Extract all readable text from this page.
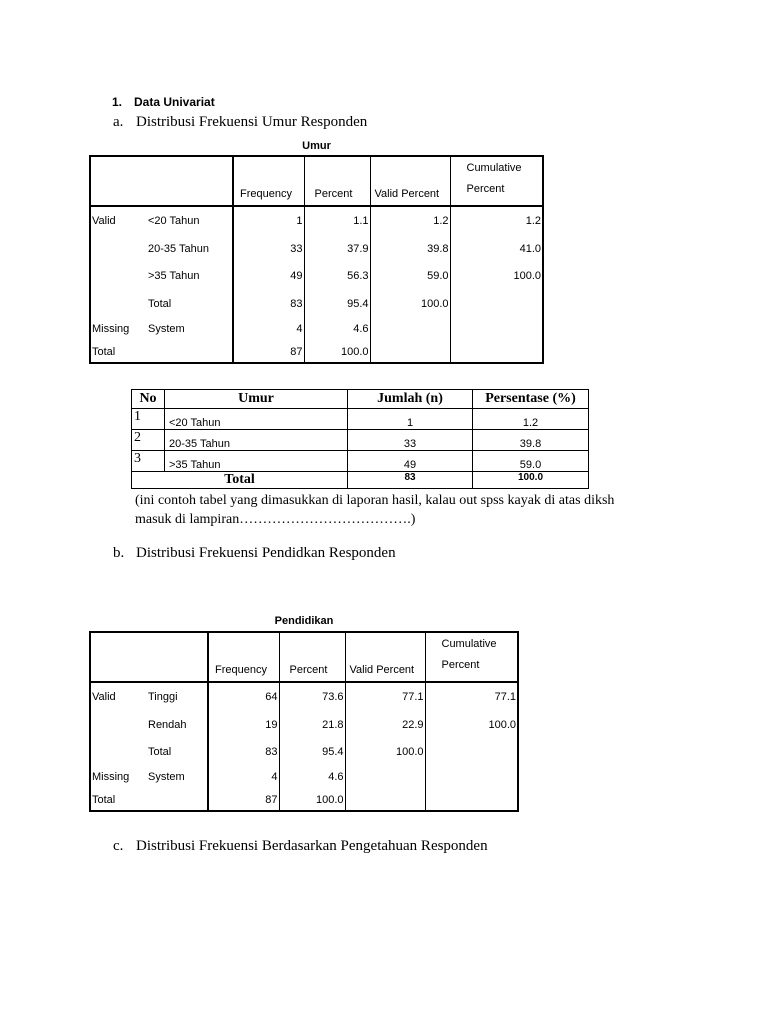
1. Data Univariat
a. Distribusi Frekuensi Umur Responden
Umur
		Frequency	Percent	Valid Percent	Cumulative
Percent
Valid	<20 Tahun	1	1.1	1.2	1.2
	20-35 Tahun	33	37.9	39.8	41.0
	>35 Tahun	49	56.3	59.0	100.0
	Total	83	95.4	100.0	
Missing	System	4	4.6		
Total		87	100.0		
No	Umur	Jumlah (n)	Persentase (%)
1	<20 Tahun	1	1.2
2	20-35 Tahun	33	39.8
3	>35 Tahun	49	59.0
Total		83	100.0
(ini contoh tabel yang dimasukkan di laporan hasil, kalau out spss kayak di atas diksh
masuk di lampiran……………………………….)
b. Distribusi Frekuensi Pendidkan Responden
Pendidikan
		Frequency	Percent	Valid Percent	Cumulative
Percent
Valid	Tinggi	64	73.6	77.1	77.1
	Rendah	19	21.8	22.9	100.0
	Total	83	95.4	100.0	
Missing	System	4	4.6		
Total		87	100.0		
c. Distribusi Frekuensi Berdasarkan Pengetahuan Responden
